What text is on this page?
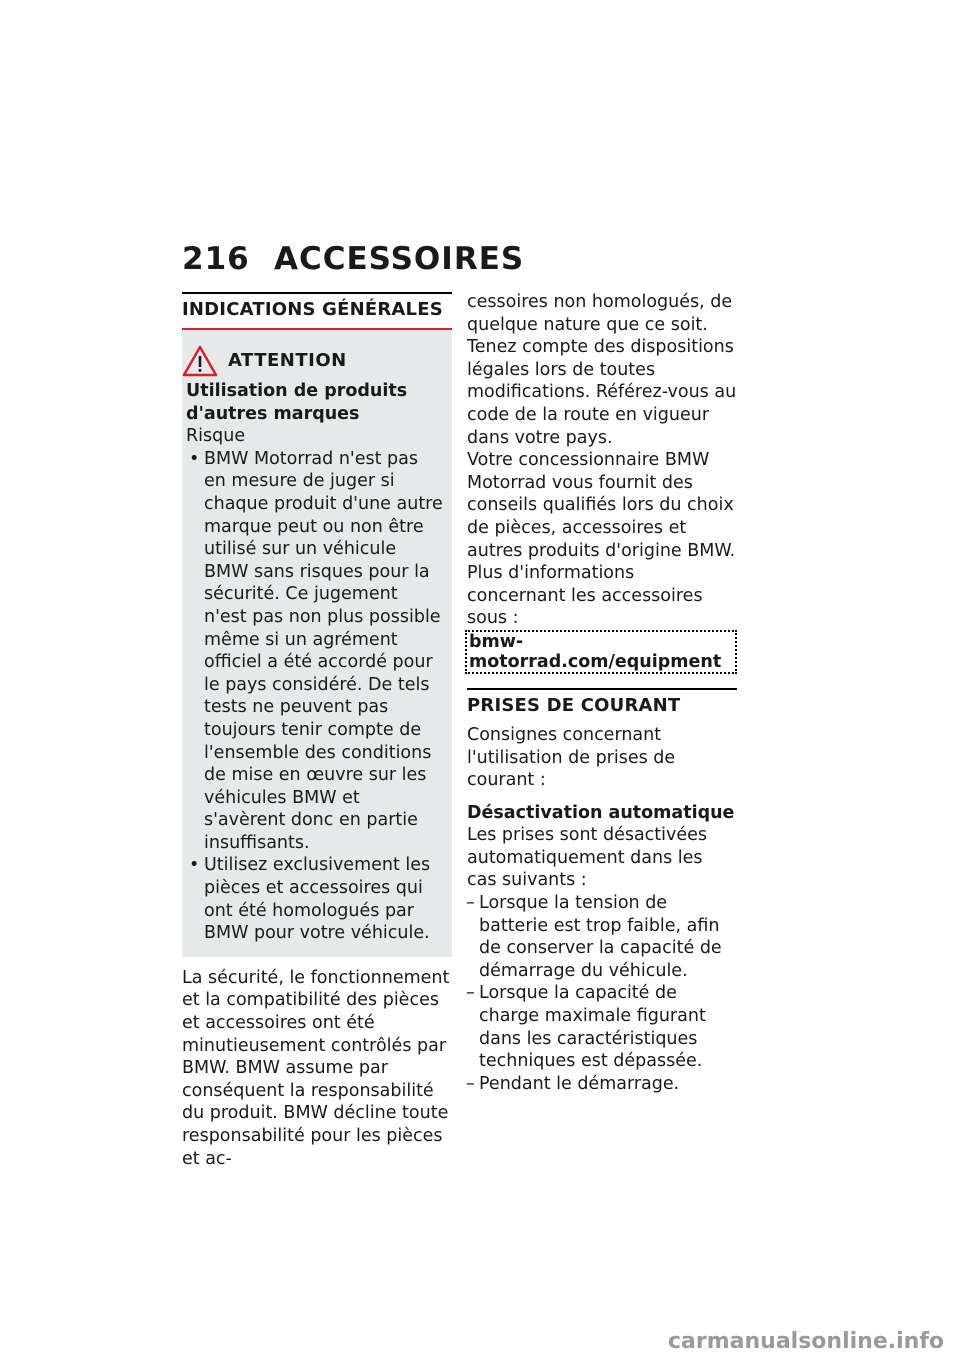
216 ACCESSOIRES
INDICATIONS GÉNÉRALES
ATTENTION
Utilisation de produits d'autres marques
Risque
• BMW Motorrad n'est pas en mesure de juger si chaque produit d'une autre marque peut ou non être utilisé sur un véhicule BMW sans risques pour la sécurité. Ce jugement n'est pas non plus possible même si un agrément officiel a été accordé pour le pays considéré. De tels tests ne peuvent pas toujours tenir compte de l'ensemble des conditions de mise en œuvre sur les véhicules BMW et s'avèrent donc en partie insuffisants.
• Utilisez exclusivement les pièces et accessoires qui ont été homologués par BMW pour votre véhicule.

La sécurité, le fonctionnement et la compatibilité des pièces et accessoires ont été minutieusement contrôlés par BMW. BMW assume par conséquent la responsabilité du produit. BMW décline toute responsabilité pour les pièces et ac-

cessoires non homologués, de quelque nature que ce soit. Tenez compte des dispositions légales lors de toutes modifications. Référez-vous au code de la route en vigueur dans votre pays.

Votre concessionnaire BMW Motorrad vous fournit des conseils qualifiés lors du choix de pièces, accessoires et autres produits d'origine BMW.

Plus d'informations concernant les accessoires sous :

bmw-motorrad.com/equipment
PRISES DE COURANT

Consignes concernant l'utilisation de prises de courant :

Désactivation automatique

Les prises sont désactivées automatiquement dans les cas suivants :

– Lorsque la tension de batterie est trop faible, afin de conserver la capacité de démarrage du véhicule.
– Lorsque la capacité de charge maximale figurant dans les caractéristiques techniques est dépassée.
– Pendant le démarrage.
carmanualsonline.info
